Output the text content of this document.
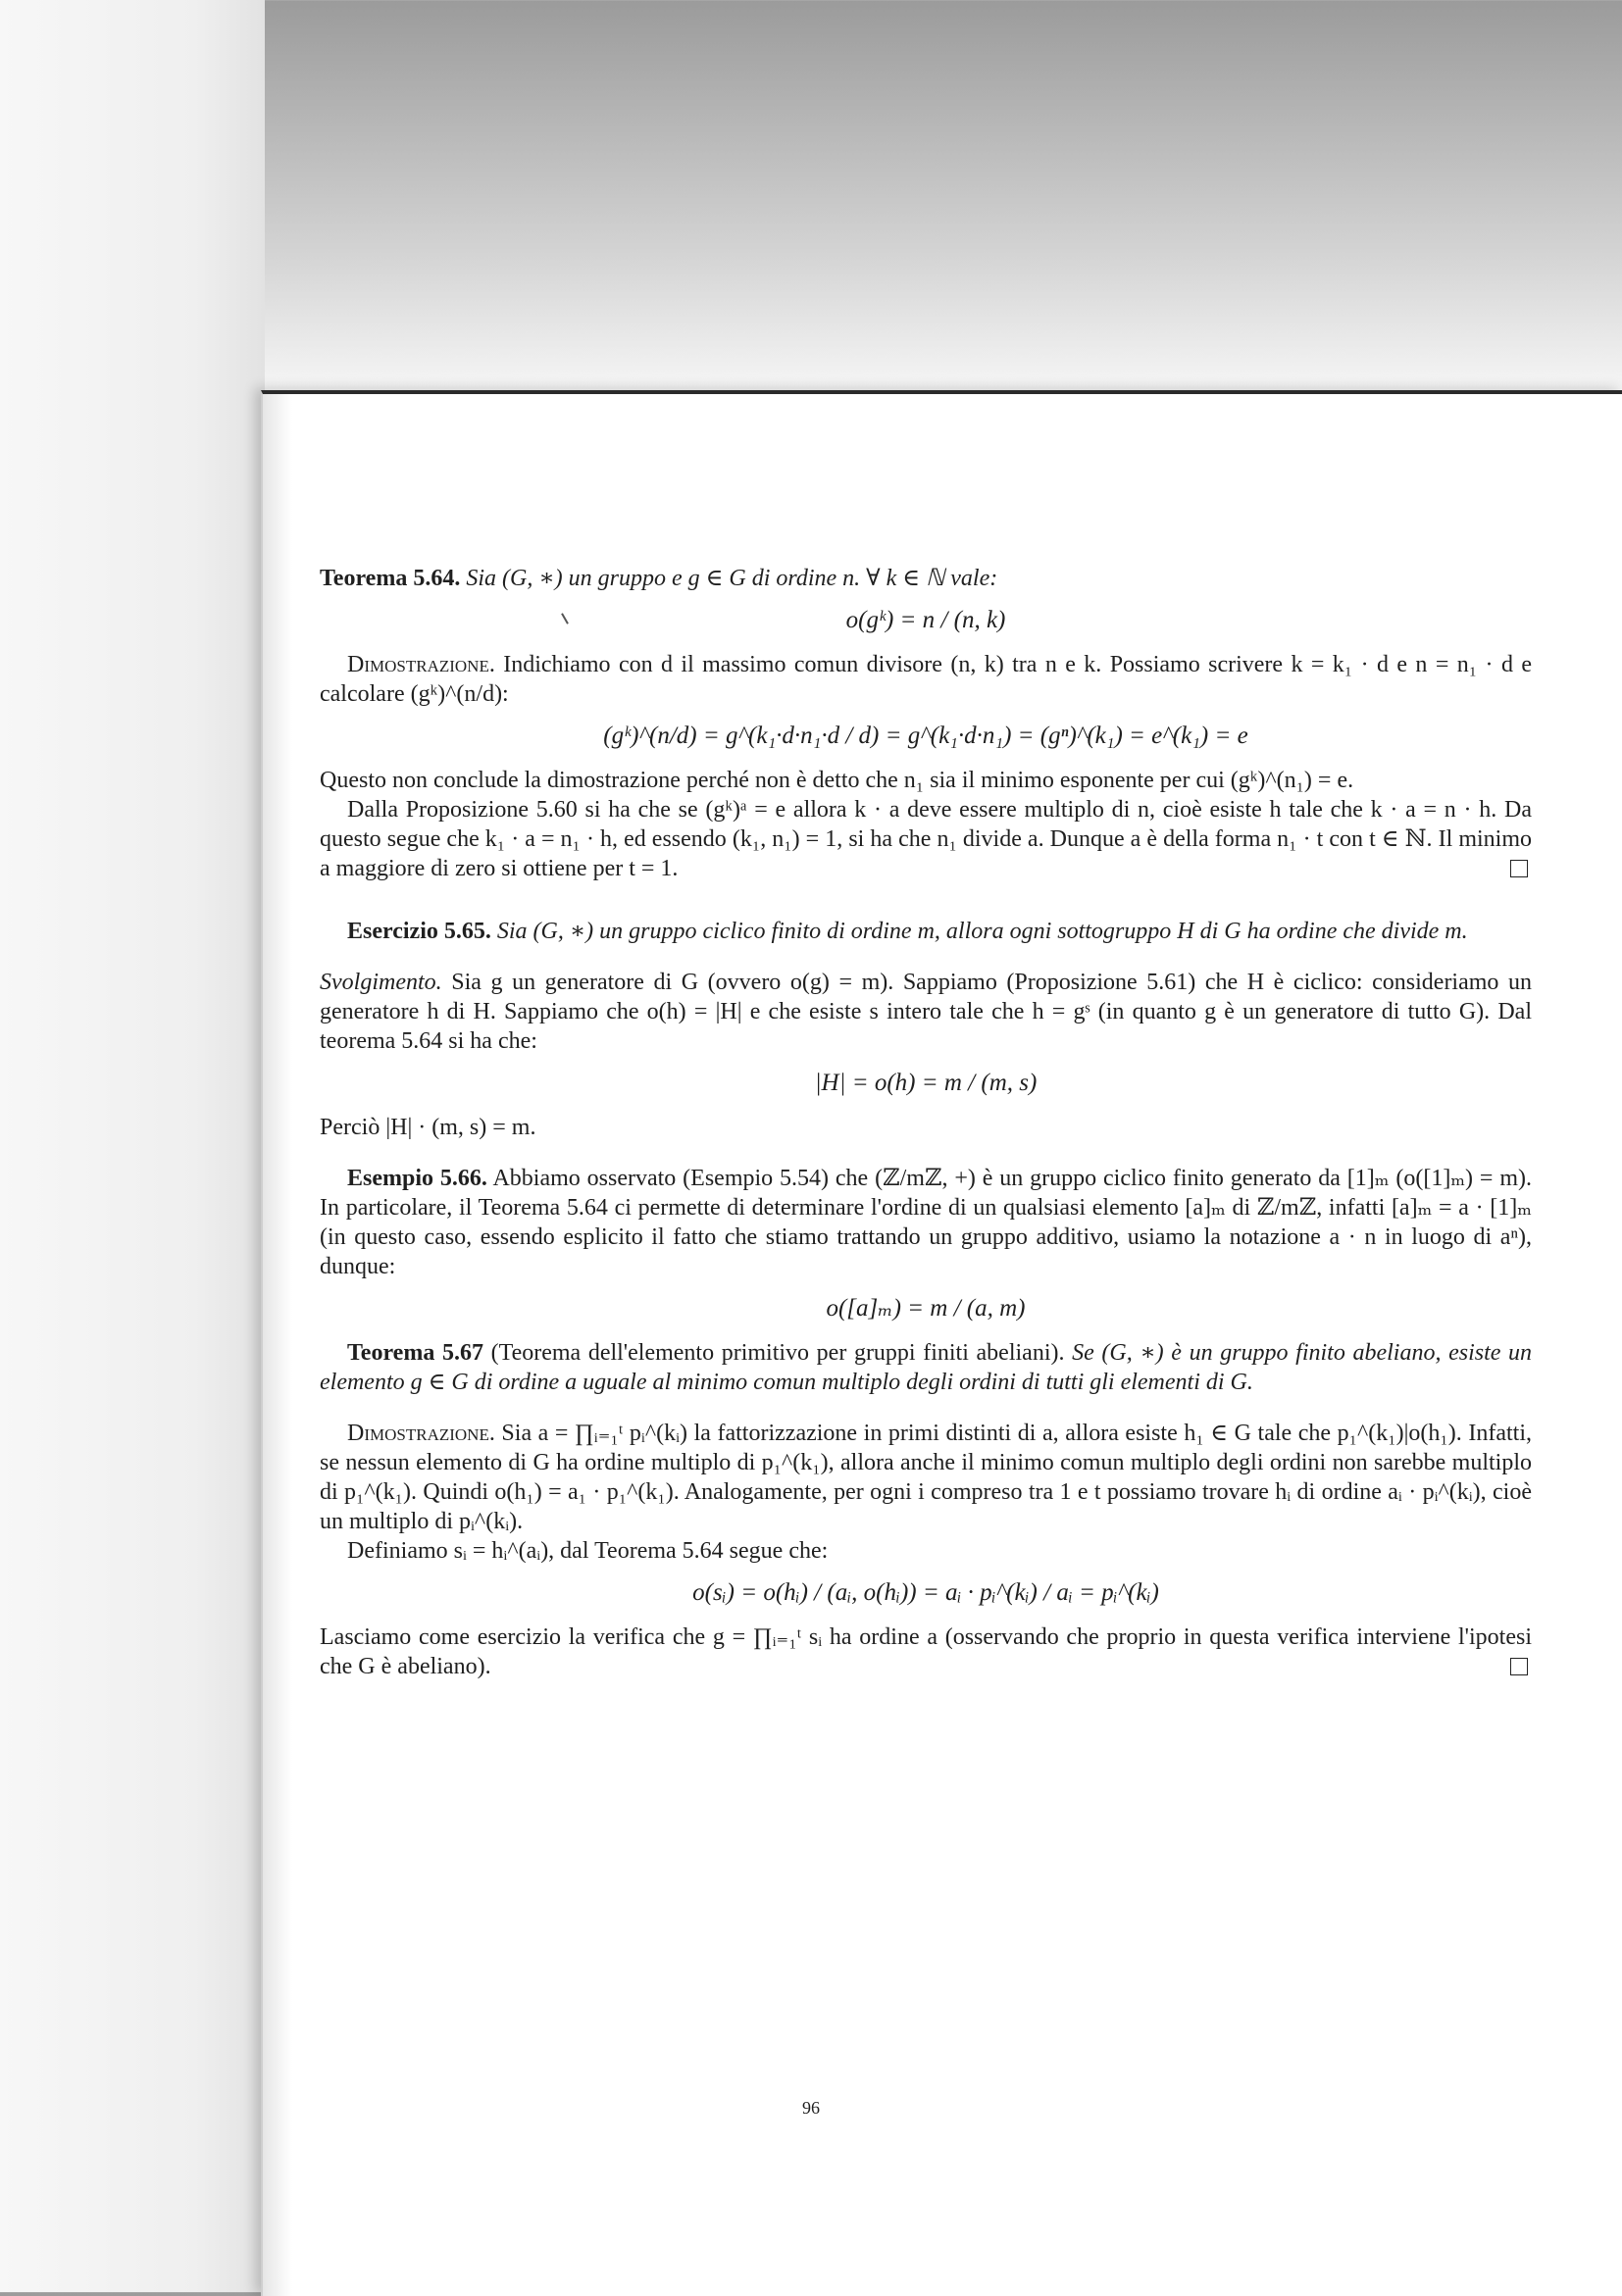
Teorema 5.64. Sia (G, ∗) un gruppo e g ∈ G di ordine n. ∀ k ∈ ℕ vale:

o(gᵏ) = n / (n, k)

Dimostrazione. Indichiamo con d il massimo comun divisore (n, k) tra n e k. Possiamo scrivere k = k₁ · d e n = n₁ · d e calcolare (gᵏ)^(n/d):

(gᵏ)^(n/d) = g^(k₁·d·n₁·d / d) = g^(k₁·d·n₁) = (gⁿ)^(k₁) = e^(k₁) = e

Questo non conclude la dimostrazione perché non è detto che n₁ sia il minimo esponente per cui (gᵏ)^(n₁) = e.

Dalla Proposizione 5.60 si ha che se (gᵏ)ᵃ = e allora k · a deve essere multiplo di n, cioè esiste h tale che k · a = n · h. Da questo segue che k₁ · a = n₁ · h, ed essendo (k₁, n₁) = 1, si ha che n₁ divide a. Dunque a è della forma n₁ · t con t ∈ ℕ. Il minimo a maggiore di zero si ottiene per t = 1.

Esercizio 5.65. Sia (G, ∗) un gruppo ciclico finito di ordine m, allora ogni sottogruppo H di G ha ordine che divide m.

Svolgimento. Sia g un generatore di G (ovvero o(g) = m). Sappiamo (Proposizione 5.61) che H è ciclico: consideriamo un generatore h di H. Sappiamo che o(h) = |H| e che esiste s intero tale che h = gˢ (in quanto g è un generatore di tutto G). Dal teorema 5.64 si ha che:

|H| = o(h) = m / (m, s)

Perciò |H| · (m, s) = m.

Esempio 5.66. Abbiamo osservato (Esempio 5.54) che (ℤ/mℤ, +) è un gruppo ciclico finito generato da [1]ₘ (o([1]ₘ) = m). In particolare, il Teorema 5.64 ci permette di determinare l'ordine di un qualsiasi elemento [a]ₘ di ℤ/mℤ, infatti [a]ₘ = a · [1]ₘ (in questo caso, essendo esplicito il fatto che stiamo trattando un gruppo additivo, usiamo la notazione a · n in luogo di aⁿ), dunque:

o([a]ₘ) = m / (a, m)

Teorema 5.67 (Teorema dell'elemento primitivo per gruppi finiti abeliani). Se (G, ∗) è un gruppo finito abeliano, esiste un elemento g ∈ G di ordine a uguale al minimo comun multiplo degli ordini di tutti gli elementi di G.

Dimostrazione. Sia a = ∏ᵢ₌₁ᵗ pᵢ^(kᵢ) la fattorizzazione in primi distinti di a, allora esiste h₁ ∈ G tale che p₁^(k₁)|o(h₁). Infatti, se nessun elemento di G ha ordine multiplo di p₁^(k₁), allora anche il minimo comun multiplo degli ordini non sarebbe multiplo di p₁^(k₁). Quindi o(h₁) = a₁ · p₁^(k₁). Analogamente, per ogni i compreso tra 1 e t possiamo trovare hᵢ di ordine aᵢ · pᵢ^(kᵢ), cioè un multiplo di pᵢ^(kᵢ).

Definiamo sᵢ = hᵢ^(aᵢ), dal Teorema 5.64 segue che:

o(sᵢ) = o(hᵢ) / (aᵢ, o(hᵢ)) = aᵢ · pᵢ^(kᵢ) / aᵢ = pᵢ^(kᵢ)

Lasciamo come esercizio la verifica che g = ∏ᵢ₌₁ᵗ sᵢ ha ordine a (osservando che proprio in questa verifica interviene l'ipotesi che G è abeliano).

96
